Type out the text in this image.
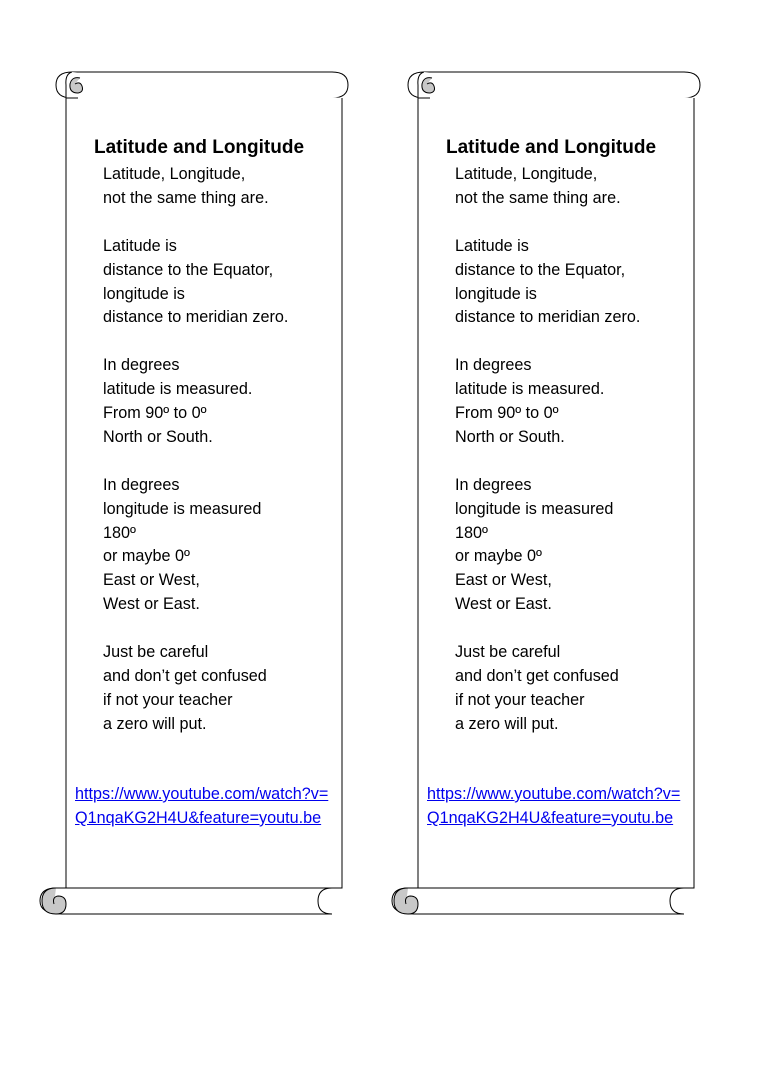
Latitude and Longitude

Latitude, Longitude,
not the same thing are.

Latitude is
distance to the Equator,
longitude is
distance to meridian zero.

In degrees
latitude is measured.
From 90º to 0º
North or South.

In degrees
longitude is measured
180º
or maybe 0º
East or West,
West or East.

Just be careful
and don’t get confused
if not your teacher
a zero will put.

https://www.youtube.com/watch?v=Q1nqaKG2H4U&feature=youtu.be
Latitude and Longitude

Latitude, Longitude,
not the same thing are.

Latitude is
distance to the Equator,
longitude is
distance to meridian zero.

In degrees
latitude is measured.
From 90º to 0º
North or South.

In degrees
longitude is measured
180º
or maybe 0º
East or West,
West or East.

Just be careful
and don’t get confused
if not your teacher
a zero will put.

https://www.youtube.com/watch?v=Q1nqaKG2H4U&feature=youtu.be
